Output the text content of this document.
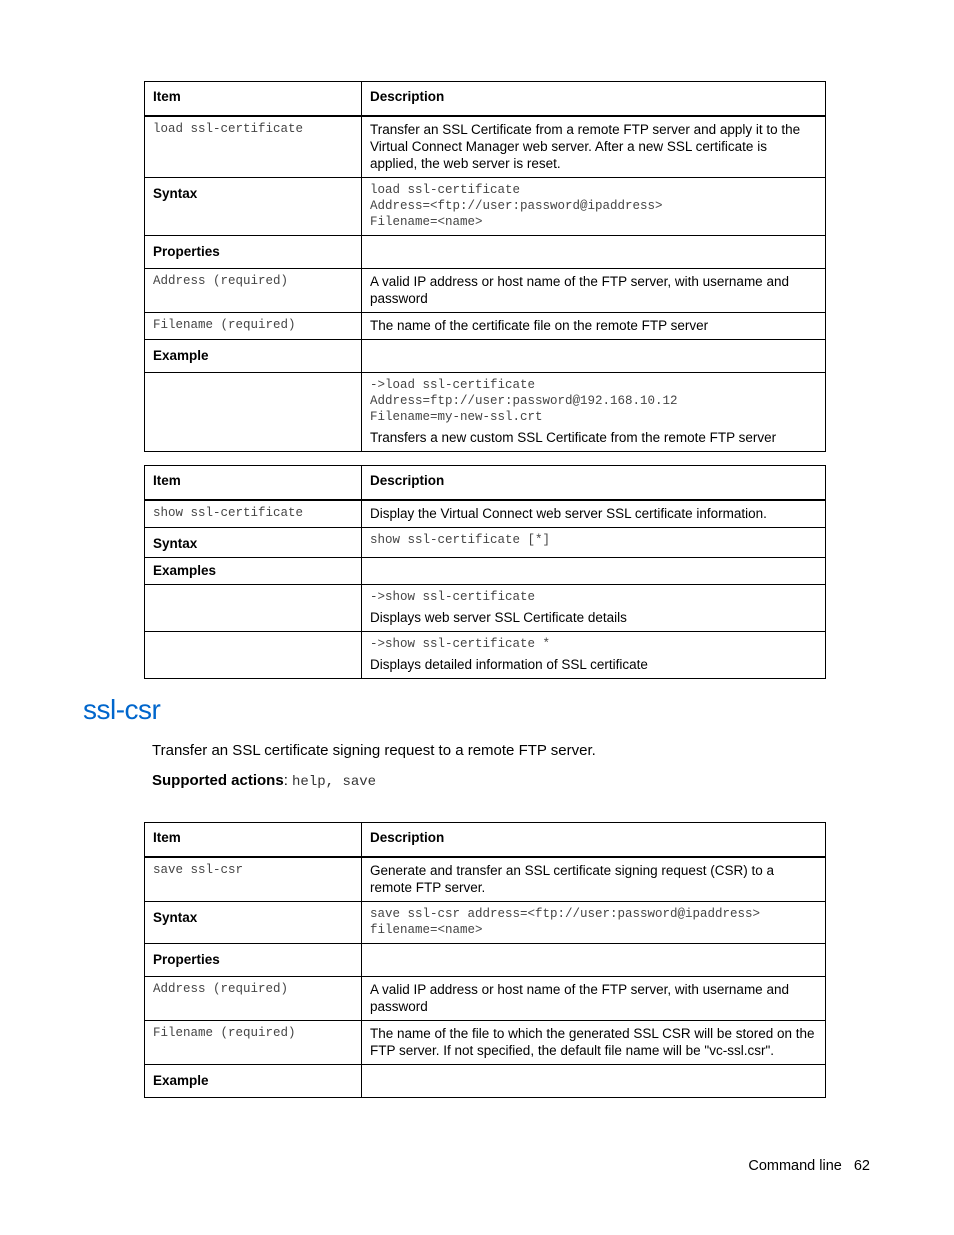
Item	Description

load ssl-certificate	Transfer an SSL Certificate from a remote FTP server and apply it to the Virtual Connect Manager web server. After a new SSL certificate is applied, the web server is reset.
Syntax	load ssl-certificate
Address=<ftp://user:password@ipaddress>
Filename=<name>

Properties	

Address (required)	A valid IP address or host name of the FTP server, with username and password

Filename (required)	The name of the certificate file on the remote FTP server
Example	

	->load ssl-certificate
Address=ftp://user:password@192.168.10.12
Filename=my-new-ssl.crt
Transfers a new custom SSL Certificate from the remote FTP server
Item	Description

show ssl-certificate	Display the Virtual Connect web server SSL certificate information.
Syntax	show ssl-certificate [*]

Examples	

	->show ssl-certificate
Displays web server SSL Certificate details

	->show ssl-certificate *
Displays detailed information of SSL certificate
ssl-csr

Transfer an SSL certificate signing request to a remote FTP server.

Supported actions: help, save

Item	Description

save ssl-csr	Generate and transfer an SSL certificate signing request (CSR) to a remote FTP server.
Syntax	save ssl-csr address=<ftp://user:password@ipaddress>
filename=<name>

Properties	

Address (required)	A valid IP address or host name of the FTP server, with username and password

Filename (required)	The name of the file to which the generated SSL CSR will be stored on the FTP server. If not specified, the default file name will be "vc-ssl.csr".
Example	
Command line 62
